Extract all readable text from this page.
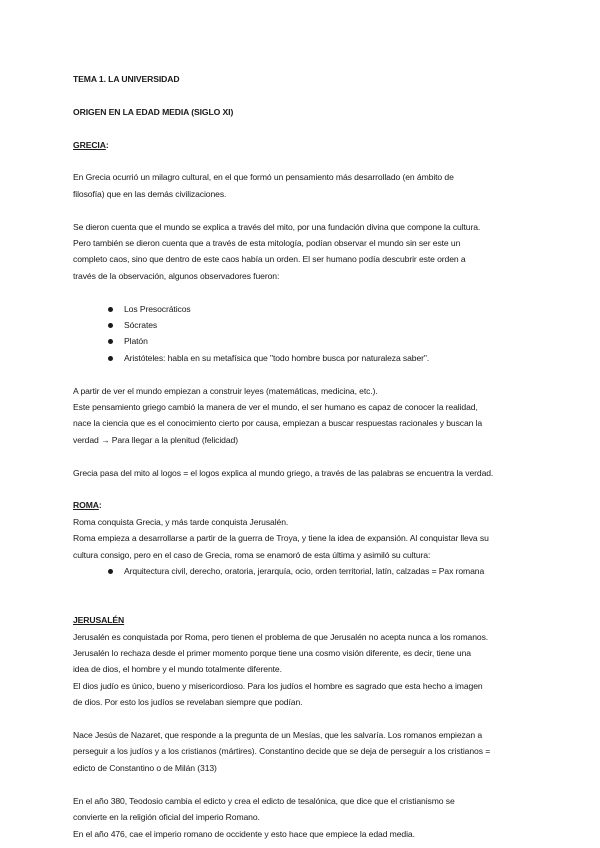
TEMA 1. LA UNIVERSIDAD

ORIGEN EN LA EDAD MEDIA (SIGLO XI)

GRECIA:

En Grecia ocurrió un milagro cultural, en el que formó un pensamiento más desarrollado (en ámbito de

filosofía) que en las demás civilizaciones.

Se dieron cuenta que el mundo se explica a través del mito, por una fundación divina que compone la cultura.

Pero también se dieron cuenta que a través de esta mitología, podían observar el mundo sin ser este un

completo caos, sino que dentro de este caos había un orden. El ser humano podía descubrir este orden a

través de la observación, algunos observadores fueron:

Los Presocráticos
Sócrates
Platón
Aristóteles: habla en su metafísica que "todo hombre busca por naturaleza saber".

A partir de ver el mundo empiezan a construir leyes (matemáticas, medicina, etc.).

Este pensamiento griego cambió la manera de ver el mundo, el ser humano es capaz de conocer la realidad,

nace la ciencia que es el conocimiento cierto por causa, empiezan a buscar respuestas racionales y buscan la

verdad → Para llegar a la plenitud (felicidad)

Grecia pasa del mito al logos = el logos explica al mundo griego, a través de las palabras se encuentra la verdad.

ROMA:

Roma conquista Grecia, y más tarde conquista Jerusalén.

Roma empieza a desarrollarse a partir de la guerra de Troya, y tiene la idea de expansión. Al conquistar lleva su

cultura consigo, pero en el caso de Grecia, roma se enamoró de esta última y asimiló su cultura:

Arquitectura civil, derecho, oratoria, jerarquía, ocio, orden territorial, latín, calzadas = Pax romana

JERUSALÉN

Jerusalén es conquistada por Roma, pero tienen el problema de que Jerusalén no acepta nunca a los romanos.

Jerusalén lo rechaza desde el primer momento porque tiene una cosmo visión diferente, es decir, tiene una

idea de dios, el hombre y el mundo totalmente diferente.

El dios judío es único, bueno y misericordioso. Para los judíos el hombre es sagrado que esta hecho a imagen

de dios. Por esto los judíos se revelaban siempre que podían.

Nace Jesús de Nazaret, que responde a la pregunta de un Mesías, que les salvaría. Los romanos empiezan a

perseguir a los judíos y a los cristianos (mártires). Constantino decide que se deja de perseguir a los cristianos =

edicto de Constantino o de Milán (313)

En el año 380, Teodosio cambia el edicto y crea el edicto de tesalónica, que dice que el cristianismo se

convierte en la religión oficial del imperio Romano.

En el año 476, cae el imperio romano de occidente y esto hace que empiece la edad media.
